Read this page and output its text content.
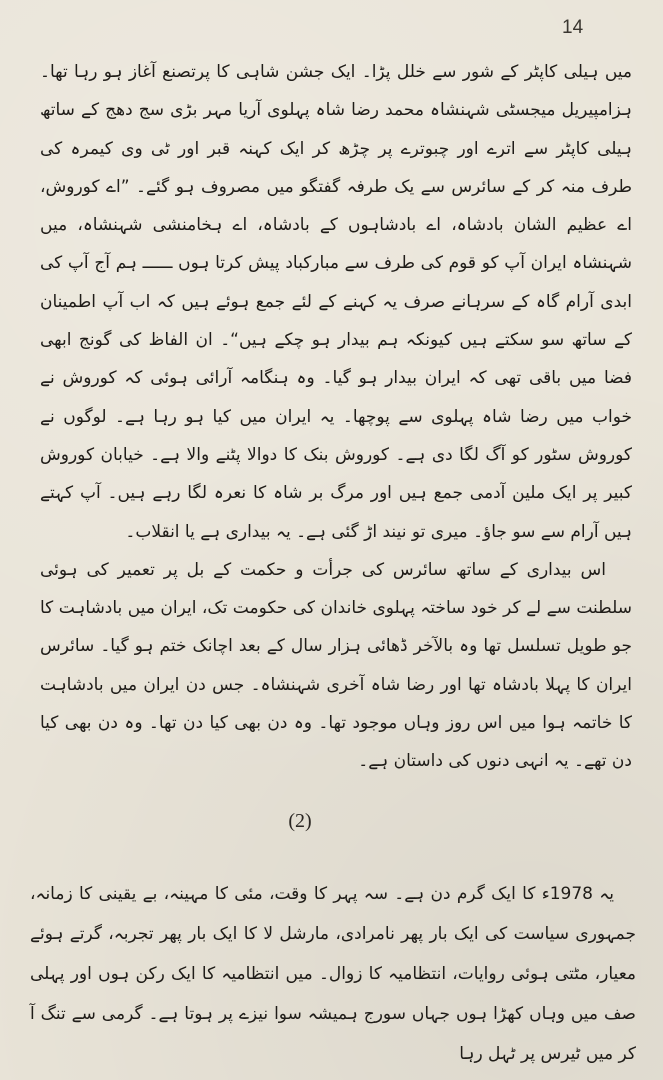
14

میں ہیلی کاپٹر کے شور سے خلل پڑا۔ ایک جشن شاہی کا پرتصنع آغاز ہو رہا تھا۔ ہزامپیریل میجسٹی شہنشاہ محمد رضا شاہ پہلوی آریا مہر بڑی سج دھج کے ساتھ ہیلی کاپٹر سے اترے اور چبوترے پر چڑھ کر ایک کہنہ قبر اور ٹی وی کیمرہ کی طرف منہ کر کے سائرس سے یک طرفہ گفتگو میں مصروف ہو گئے۔ ”اے کوروش، اے عظیم الشان بادشاہ، اے بادشاہوں کے بادشاہ، اے ہخامنشی شہنشاہ، میں شہنشاہ ایران آپ کو قوم کی طرف سے مبارکباد پیش کرتا ہوں ــــــ ہم آج آپ کی ابدی آرام گاہ کے سرہانے صرف یہ کہنے کے لئے جمع ہوئے ہیں کہ اب آپ اطمینان کے ساتھ سو سکتے ہیں کیونکہ ہم بیدار ہو چکے ہیں“۔ ان الفاظ کی گونج ابھی فضا میں باقی تھی کہ ایران بیدار ہو گیا۔ وہ ہنگامہ آرائی ہوئی کہ کوروش نے خواب میں رضا شاہ پہلوی سے پوچھا۔ یہ ایران میں کیا ہو رہا ہے۔ لوگوں نے کوروش سٹور کو آگ لگا دی ہے۔ کوروش بنک کا دوالا پٹنے والا ہے۔ خیابان کوروش کبیر پر ایک ملین آدمی جمع ہیں اور مرگ بر شاہ کا نعرہ لگا رہے ہیں۔ آپ کہتے ہیں آرام سے سو جاؤ۔ میری تو نیند اڑ گئی ہے۔ یہ بیداری ہے یا انقلاب۔

اس بیداری کے ساتھ سائرس کی جرأت و حکمت کے بل پر تعمیر کی ہوئی سلطنت سے لے کر خود ساختہ پہلوی خاندان کی حکومت تک، ایران میں بادشاہت کا جو طویل تسلسل تھا وہ بالآخر ڈھائی ہزار سال کے بعد اچانک ختم ہو گیا۔ سائرس ایران کا پہلا بادشاہ تھا اور رضا شاہ آخری شہنشاہ۔ جس دن ایران میں بادشاہت کا خاتمہ ہوا میں اس روز وہاں موجود تھا۔ وہ دن بھی کیا دن تھا۔ وہ دن بھی کیا دن تھے۔ یہ انہی دنوں کی داستان ہے۔

(2)

یہ 1978ء کا ایک گرم دن ہے۔ سہ پہر کا وقت، مئی کا مہینہ، بے یقینی کا زمانہ، جمہوری سیاست کی ایک بار پھر نامرادی، مارشل لا کا ایک بار پھر تجربہ، گرتے ہوئے معیار، مٹتی ہوئی روایات، انتظامیہ کا زوال۔ میں انتظامیہ کا ایک رکن ہوں اور پہلی صف میں وہاں کھڑا ہوں جہاں سورج ہمیشہ سوا نیزے پر ہوتا ہے۔ گرمی سے تنگ آ کر میں ٹیرس پر ٹہل رہا
